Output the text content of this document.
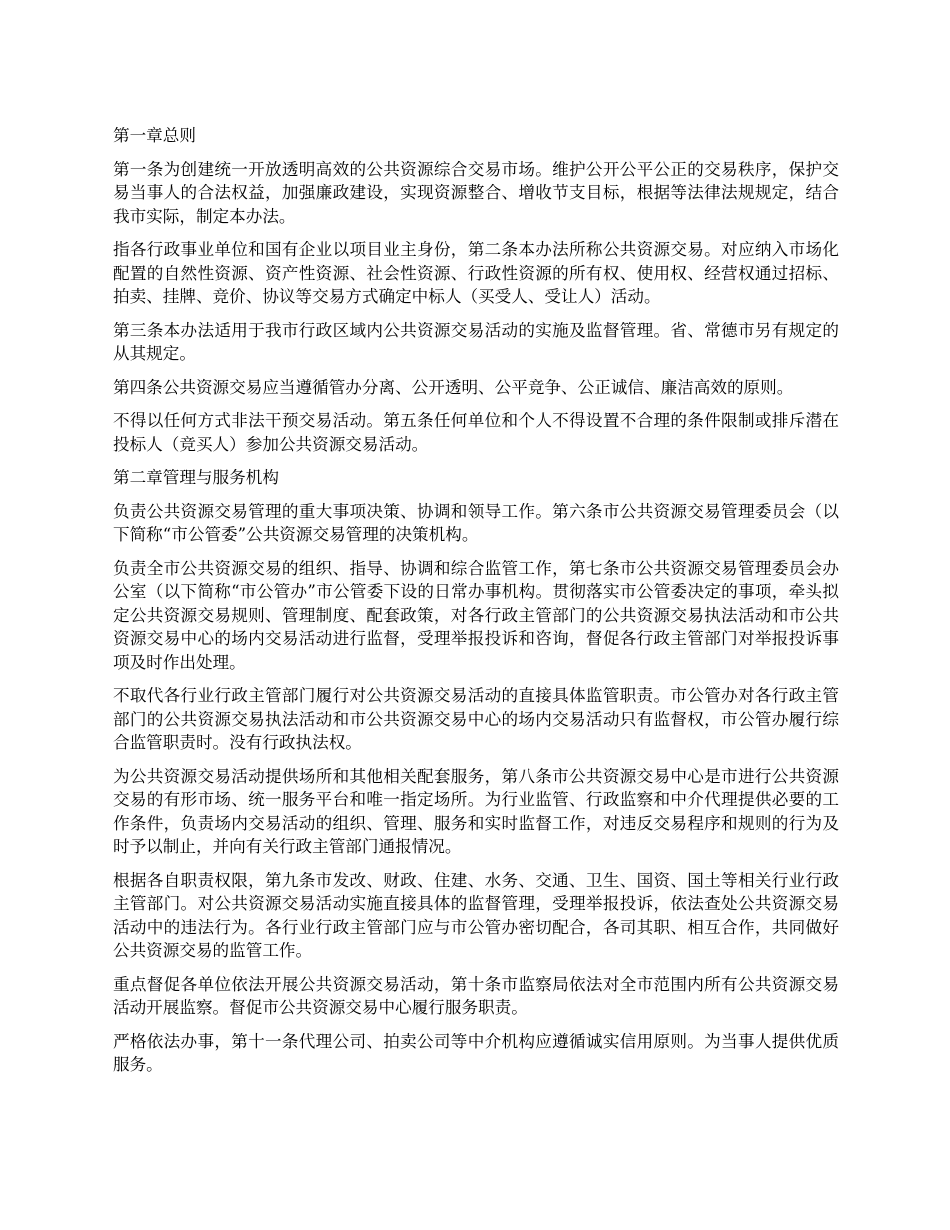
第一章总则

第一条为创建统一开放透明高效的公共资源综合交易市场。维护公开公平公正的交易秩序，保护交易当事人的合法权益，加强廉政建设，实现资源整合、增收节支目标，根据等法律法规规定，结合我市实际，制定本办法。

指各行政事业单位和国有企业以项目业主身份，第二条本办法所称公共资源交易。对应纳入市场化配置的自然性资源、资产性资源、社会性资源、行政性资源的所有权、使用权、经营权通过招标、拍卖、挂牌、竞价、协议等交易方式确定中标人（买受人、受让人）活动。

第三条本办法适用于我市行政区域内公共资源交易活动的实施及监督管理。省、常德市另有规定的从其规定。

第四条公共资源交易应当遵循管办分离、公开透明、公平竞争、公正诚信、廉洁高效的原则。

不得以任何方式非法干预交易活动。第五条任何单位和个人不得设置不合理的条件限制或排斥潜在投标人（竞买人）参加公共资源交易活动。

第二章管理与服务机构

负责公共资源交易管理的重大事项决策、协调和领导工作。第六条市公共资源交易管理委员会（以下简称“市公管委”公共资源交易管理的决策机构。

负责全市公共资源交易的组织、指导、协调和综合监管工作，第七条市公共资源交易管理委员会办公室（以下简称“市公管办”市公管委下设的日常办事机构。贯彻落实市公管委决定的事项，牵头拟定公共资源交易规则、管理制度、配套政策，对各行政主管部门的公共资源交易执法活动和市公共资源交易中心的场内交易活动进行监督，受理举报投诉和咨询，督促各行政主管部门对举报投诉事项及时作出处理。

不取代各行业行政主管部门履行对公共资源交易活动的直接具体监管职责。市公管办对各行政主管部门的公共资源交易执法活动和市公共资源交易中心的场内交易活动只有监督权，市公管办履行综合监管职责时。没有行政执法权。

为公共资源交易活动提供场所和其他相关配套服务，第八条市公共资源交易中心是市进行公共资源交易的有形市场、统一服务平台和唯一指定场所。为行业监管、行政监察和中介代理提供必要的工作条件，负责场内交易活动的组织、管理、服务和实时监督工作，对违反交易程序和规则的行为及时予以制止，并向有关行政主管部门通报情况。

根据各自职责权限，第九条市发改、财政、住建、水务、交通、卫生、国资、国土等相关行业行政主管部门。对公共资源交易活动实施直接具体的监督管理，受理举报投诉，依法查处公共资源交易活动中的违法行为。各行业行政主管部门应与市公管办密切配合，各司其职、相互合作，共同做好公共资源交易的监管工作。

重点督促各单位依法开展公共资源交易活动，第十条市监察局依法对全市范围内所有公共资源交易活动开展监察。督促市公共资源交易中心履行服务职责。

严格依法办事，第十一条代理公司、拍卖公司等中介机构应遵循诚实信用原则。为当事人提供优质服务。
